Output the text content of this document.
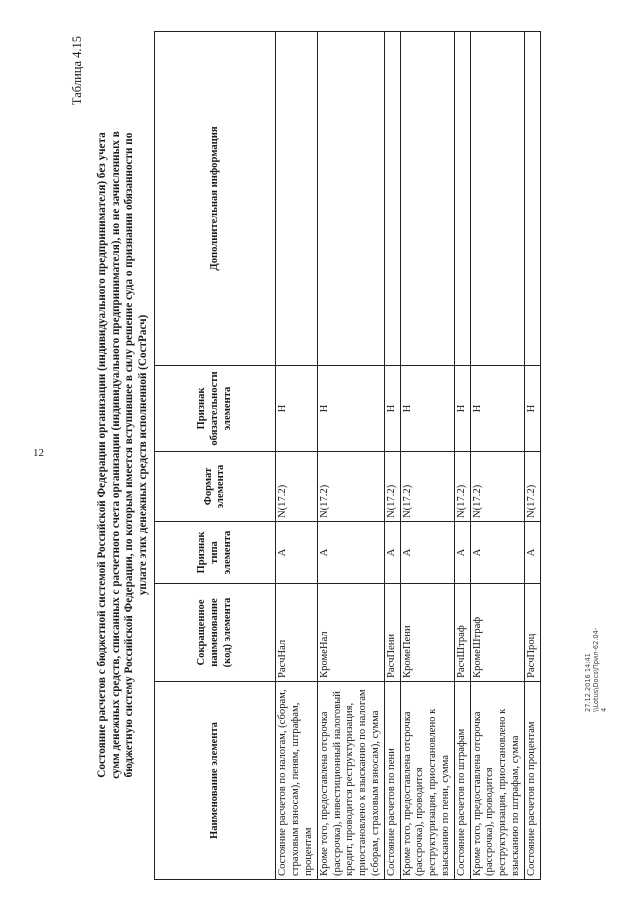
12
27.12.2016 14:41 \\Lotus\Docs\Прил-62.04-4
Таблица 4.15
Состояние расчетов с бюджетной системой Российской Федерации организации (индивидуального предпринимателя) без учета сумм денежных средств, списанных с расчетного счета организации (индивидуального предпринимателя), но не зачисленных в бюджетную систему Российской Федерации, по которым имеется вступившее в силу решение суда о признании обязанности по уплате этих денежных средств исполненной (СостРасч)
Наименование элемента	Сокращенное наименование (код) элемента	Признак типа элемента	Формат элемента	Признак обязательности элемента	Дополнительная информация
Состояние расчетов по налогам, (сборам, страховым взносам), пеням, штрафам, процентам	РасчНал	А	N(17.2)	Н	
Кроме того, предоставлена отсрочка (рассрочка), инвестиционный налоговый кредит, проводится реструктуризация, приостановлено к взысканию по налогам (сборам, страховым взносам), сумма	КромеНал	А	N(17.2)	Н	
Состояние расчетов по пени	РасчПени	А	N(17.2)	Н	
Кроме того, предоставлена отсрочка (рассрочка), проводится реструктуризация, приостановлено к взысканию по пени, сумма	КромеПени	А	N(17.2)	Н	
Состояние расчетов по штрафам	РасчШтраф	А	N(17.2)	Н	
Кроме того, предоставлена отсрочка (рассрочка), проводится реструктуризация, приостановлено к взысканию по штрафам, сумма	КромеШтраф	А	N(17.2)	Н	
Состояние расчетов по процентам	РасчПроц	А	N(17.2)	Н	
